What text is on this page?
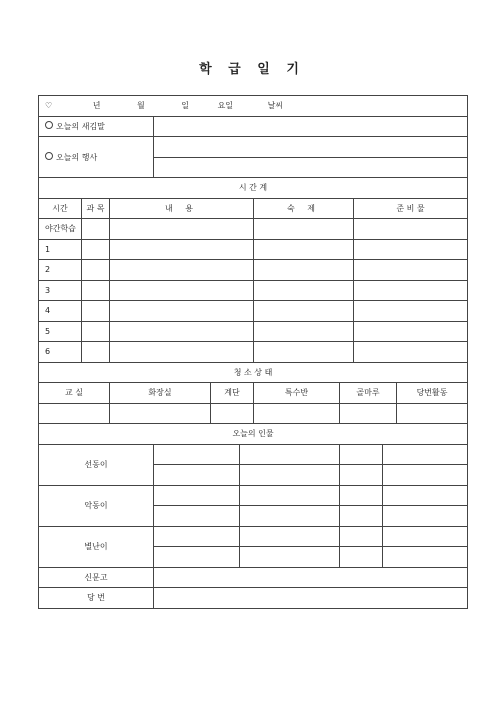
학 급 일 기
♡ 년 월 일 요일 날씨										
오늘의 새김말										
오늘의 행사										

시 간 계										
시간	과 목	내 용				숙 제		준 비 물		
야간학습										
1										
2										
3										
4										
5										
6										
청 소 상 태										
교 실		화장실		계단		특수반	골마루			당번활동

오늘의 인물										
선동이										

악동이										

별난이										

신문고										
당 번										
